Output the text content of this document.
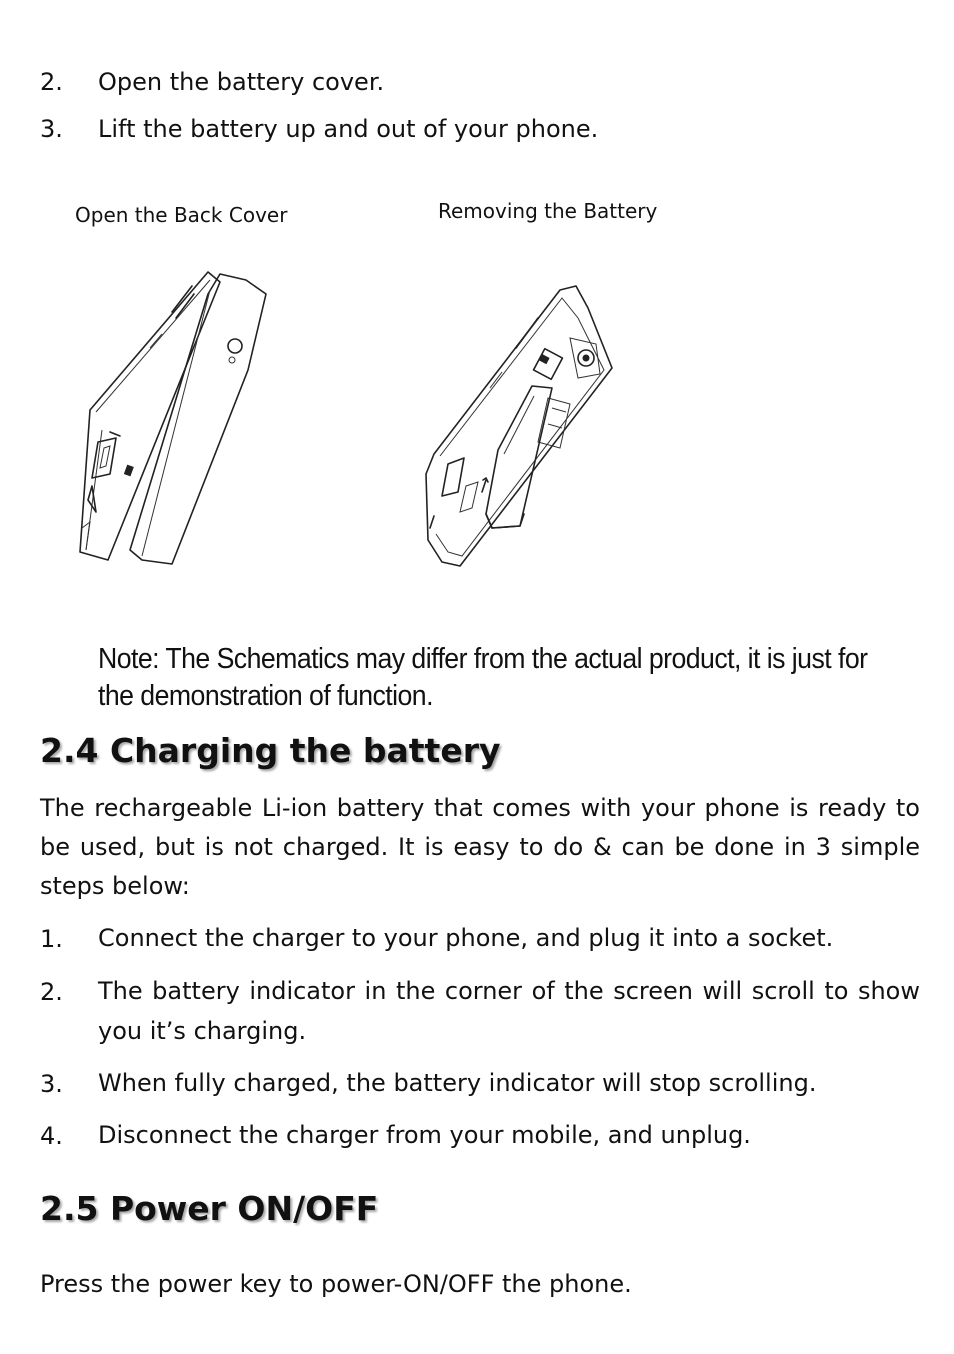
2. Open the battery cover.
3. Lift the battery up and out of your phone.
Open the Back Cover	Removing the Battery
Note: The Schematics may differ from the actual product, it is just for the demonstration of function.
2.4 Charging the battery
The rechargeable Li-ion battery that comes with your phone is ready to be used, but is not charged. It is easy to do & can be done in 3 simple steps below:
1. Connect the charger to your phone, and plug it into a socket.
2. The battery indicator in the corner of the screen will scroll to show you it’s charging.
3. When fully charged, the battery indicator will stop scrolling.
4. Disconnect the charger from your mobile, and unplug.
2.5 Power ON/OFF
Press the power key to power-ON/OFF the phone.
